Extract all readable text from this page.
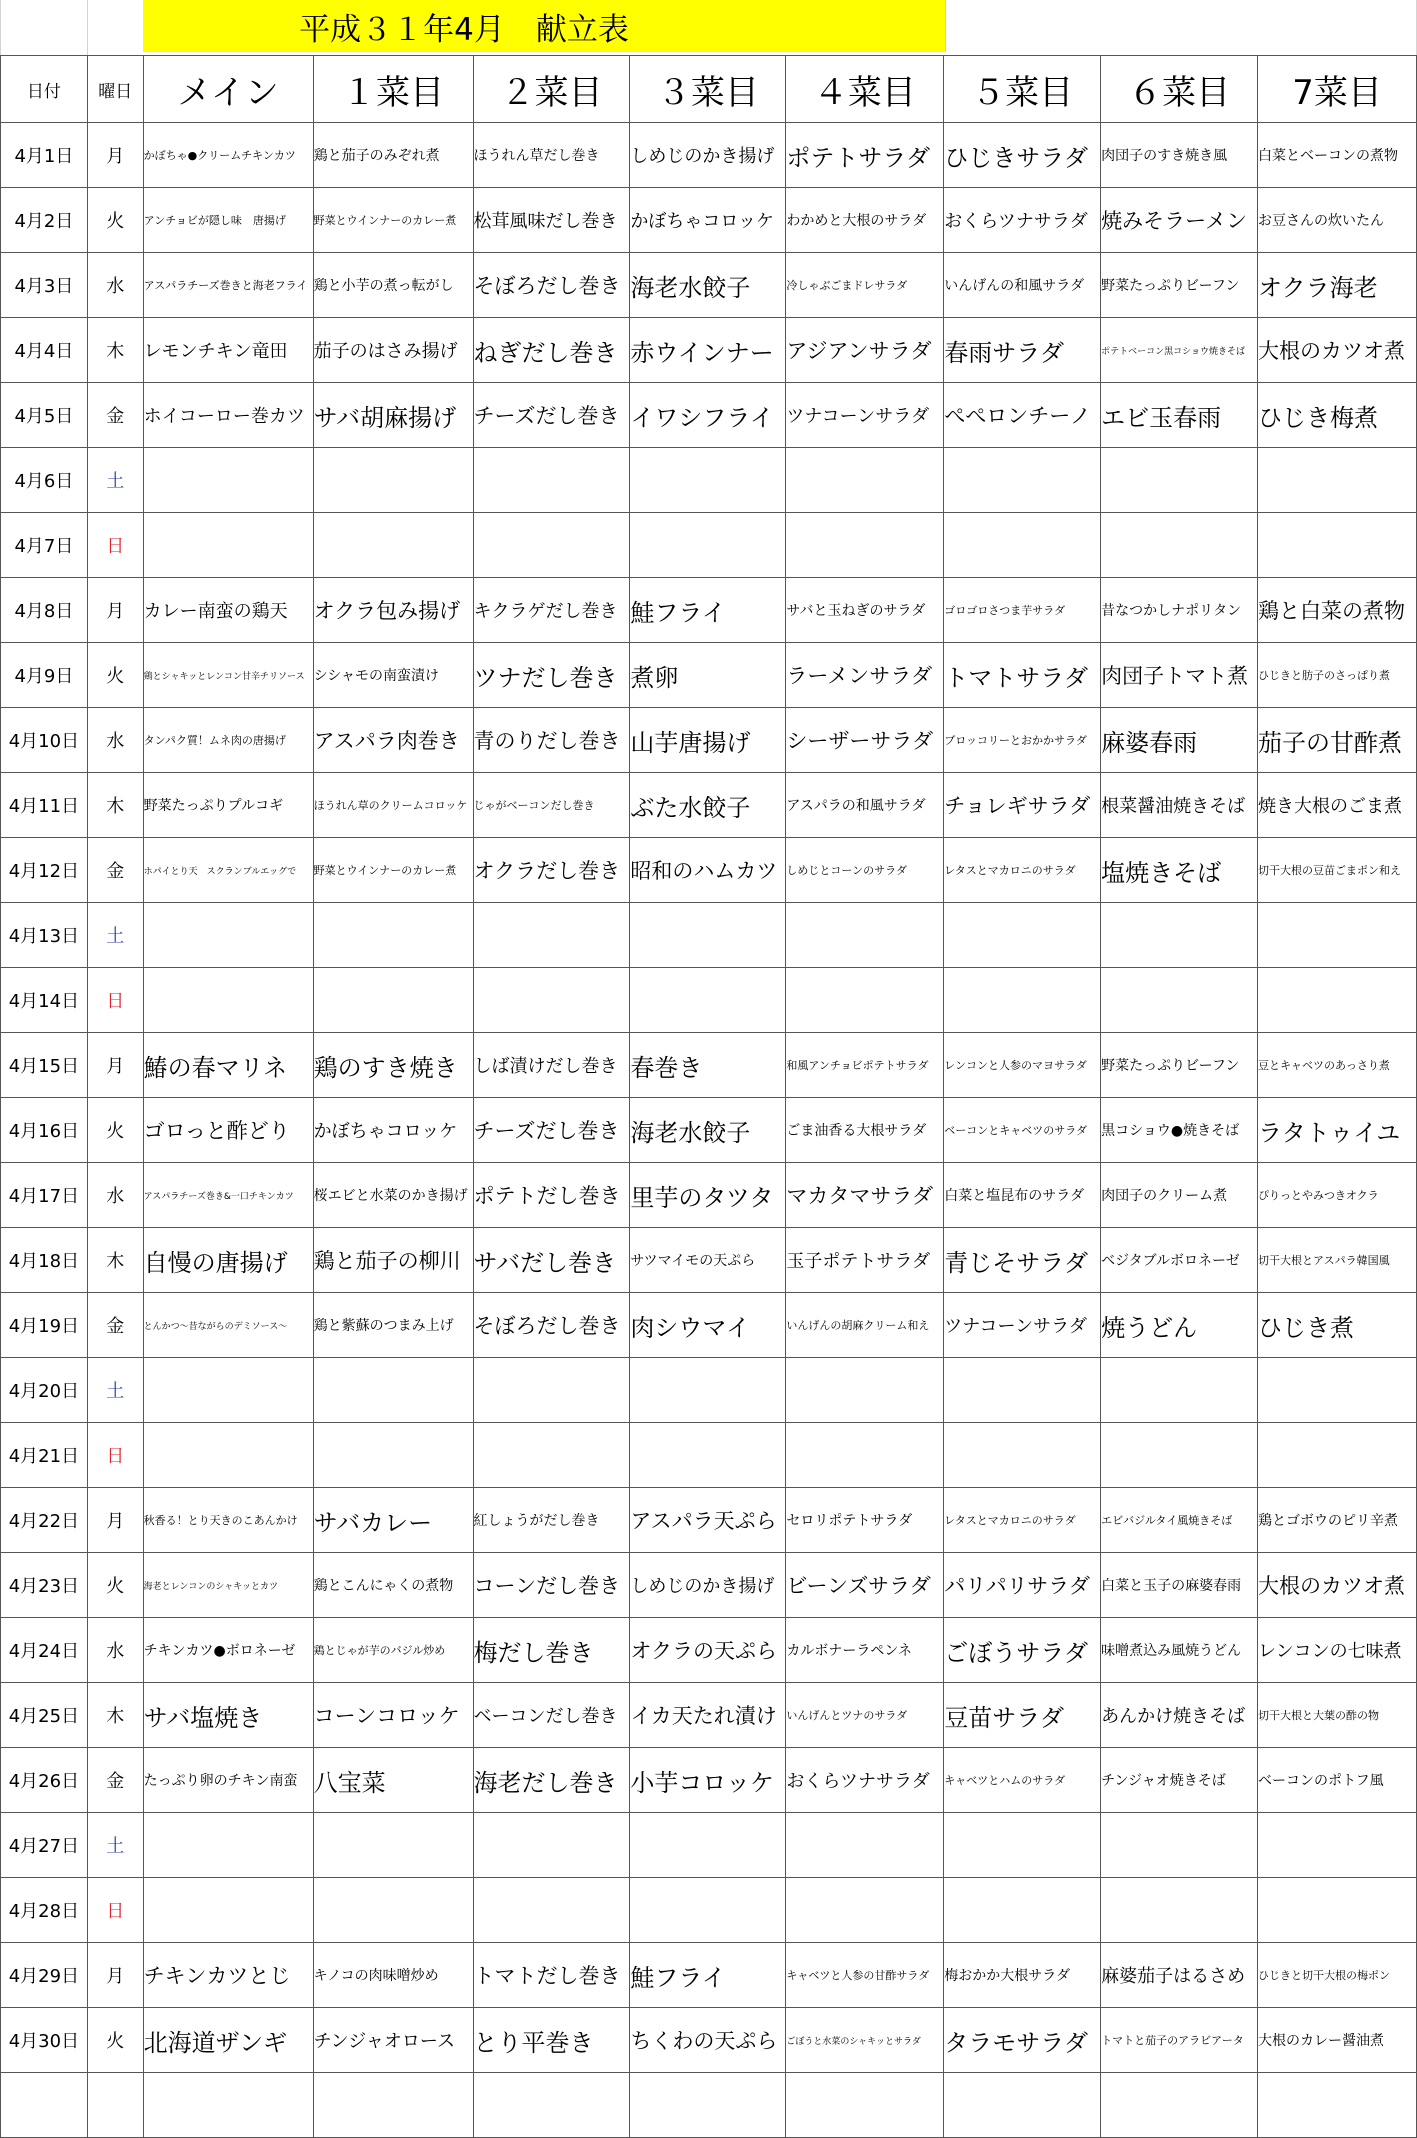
平成３１年4月　献立表
日付	曜日	メイン	１菜目	２菜目	３菜目	４菜目	５菜目	６菜目	7菜目
4月1日	月	かぼちゃ●クリームチキンカツ	鶏と茄子のみぞれ煮	ほうれん草だし巻き	しめじのかき揚げ	ポテトサラダ	ひじきサラダ	肉団子のすき焼き風	白菜とベーコンの煮物

4月2日	火	アンチョビが隠し味　唐揚げ	野菜とウインナーのカレー煮	松茸風味だし巻き	かぼちゃコロッケ	わかめと大根のサラダ	おくらツナサラダ	焼みそラーメン	お豆さんの炊いたん

4月3日	水	アスパラチーズ巻きと海老フライ	鶏と小芋の煮っ転がし	そぼろだし巻き	海老水餃子	冷しゃぶごまドレサラダ	いんげんの和風サラダ	野菜たっぷりビーフン	オクラ海老

4月4日	木	レモンチキン竜田	茄子のはさみ揚げ	ねぎだし巻き	赤ウインナー	アジアンサラダ	春雨サラダ	ポテトベーコン黒コショウ焼きそば	大根のカツオ煮

4月5日	金	ホイコーロー巻カツ	サバ胡麻揚げ	チーズだし巻き	イワシフライ	ツナコーンサラダ	ぺぺロンチーノ	エビ玉春雨	ひじき梅煮

4月6日	土	

4月7日	日	

4月8日	月	カレー南蛮の鶏天	オクラ包み揚げ	キクラゲだし巻き	鮭フライ	サバと玉ねぎのサラダ	ゴロゴロさつま芋サラダ	昔なつかしナポリタン	鶏と白菜の煮物

4月9日	火	鶏とシャキッとレンコン甘辛チリソース	シシャモの南蛮漬け	ツナだし巻き	煮卵	ラーメンサラダ	トマトサラダ	肉団子トマト煮	ひじきと肪子のさっぱり煮

4月10日	水	タンパク質！ムネ肉の唐揚げ	アスパラ肉巻き	青のりだし巻き	山芋唐揚げ	シーザーサラダ	ブロッコリーとおかかサラダ	麻婆春雨	茄子の甘酢煮

4月11日	木	野菜たっぷりプルコギ	ほうれん草のクリームコロッケ	じゃがベーコンだし巻き	ぶた水餃子	アスパラの和風サラダ	チョレギサラダ	根菜醤油焼きそば	焼き大根のごま煮

4月12日	金	ホパイとり天　スクランブルエッグで	野菜とウインナーのカレー煮	オクラだし巻き	昭和のハムカツ	しめじとコーンのサラダ	レタスとマカロニのサラダ	塩焼きそば	切干大根の豆苗ごまポン和え

4月13日	土	

4月14日	日	

4月15日	月	鰆の春マリネ	鶏のすき焼き	しば漬けだし巻き	春巻き	和風アンチョビポテトサラダ	レンコンと人参のマヨサラダ	野菜たっぷりビーフン	豆とキャベツのあっさり煮

4月16日	火	ゴロっと酢どり	かぼちゃコロッケ	チーズだし巻き	海老水餃子	ごま油香る大根サラダ	ベーコンとキャベツのサラダ	黒コショウ●焼きそば	ラタトゥイユ

4月17日	水	アスパラチーズ巻き&一口チキンカツ	桜エビと水菜のかき揚げ	ポテトだし巻き	里芋のタツタ	マカタマサラダ	白菜と塩昆布のサラダ	肉団子のクリーム煮	ぴりっとやみつきオクラ

4月18日	木	自慢の唐揚げ	鶏と茄子の柳川	サバだし巻き	サツマイモの天ぷら	玉子ポテトサラダ	青じそサラダ	ベジタブルボロネーゼ	切干大根とアスパラ韓国風

4月19日	金	とんかつ～昔ながらのデミソース～	鶏と紫蘇のつまみ上げ	そぼろだし巻き	肉シウマイ	いんげんの胡麻クリーム和え	ツナコーンサラダ	焼うどん	ひじき煮

4月20日	土	

4月21日	日	

4月22日	月	秋香る！とり天きのこあんかけ	サバカレー	紅しょうがだし巻き	アスパラ天ぷら	セロリポテトサラダ	レタスとマカロニのサラダ	エビバジルタイ風焼きそば	鶏とゴボウのピリ辛煮

4月23日	火	海老とレンコンのシャキッとカツ	鶏とこんにゃくの煮物	コーンだし巻き	しめじのかき揚げ	ビーンズサラダ	パリパリサラダ	白菜と玉子の麻婆春雨	大根のカツオ煮

4月24日	水	チキンカツ●ボロネーゼ	鶏とじゃが芋のバジル炒め	梅だし巻き	オクラの天ぷら	カルボナーラペンネ	ごぼうサラダ	味噌煮込み風焼うどん	レンコンの七味煮

4月25日	木	サバ塩焼き	コーンコロッケ	ベーコンだし巻き	イカ天たれ漬け	いんげんとツナのサラダ	豆苗サラダ	あんかけ焼きそば	切干大根と大葉の酢の物

4月26日	金	たっぷり卵のチキン南蛮	八宝菜	海老だし巻き	小芋コロッケ	おくらツナサラダ	キャベツとハムのサラダ	チンジャオ焼きそば	ベーコンのポトフ風

4月27日	土	

4月28日	日	

4月29日	月	チキンカツとじ	キノコの肉味噌炒め	トマトだし巻き	鮭フライ	キャベツと人参の甘酢サラダ	梅おかか大根サラダ	麻婆茄子はるさめ	ひじきと切干大根の梅ポン

4月30日	火	北海道ザンギ	チンジャオロース	とり平巻き	ちくわの天ぷら	ごぼうと水菜のシャキッとサラダ	タラモサラダ	トマトと茄子のアラビアータ	大根のカレー醤油煮
